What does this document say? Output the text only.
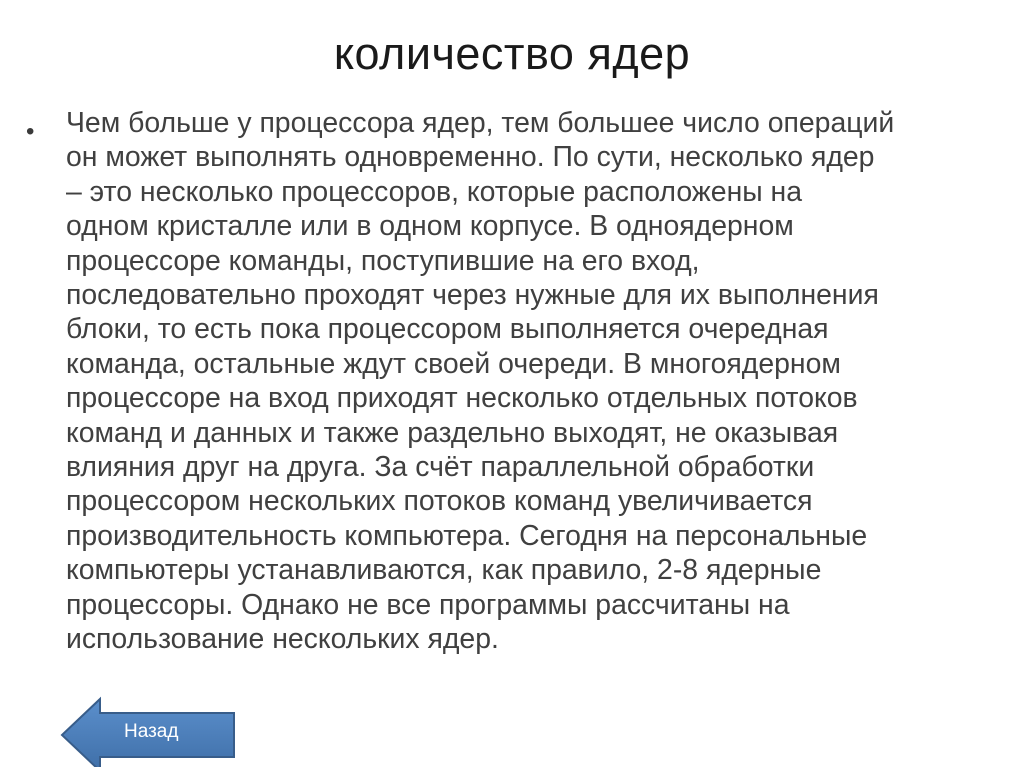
количество ядер
• Чем больше у процессора ядер, тем большее число операций
он может выполнять одновременно. По сути, несколько ядер
– это несколько процессоров, которые расположены на
одном кристалле или в одном корпусе. В одноядерном
процессоре команды, поступившие на его вход,
последовательно проходят через нужные для их выполнения
блоки, то есть пока процессором выполняется очередная
команда, остальные ждут своей очереди. В многоядерном
процессоре на вход приходят несколько отдельных потоков
команд и данных и также раздельно выходят, не оказывая
влияния друг на друга. За счёт параллельной обработки
процессором нескольких потоков команд увеличивается
производительность компьютера. Сегодня на персональные
компьютеры устанавливаются, как правило, 2-8 ядерные
процессоры. Однако не все программы рассчитаны на
использование нескольких ядер.
Назад
